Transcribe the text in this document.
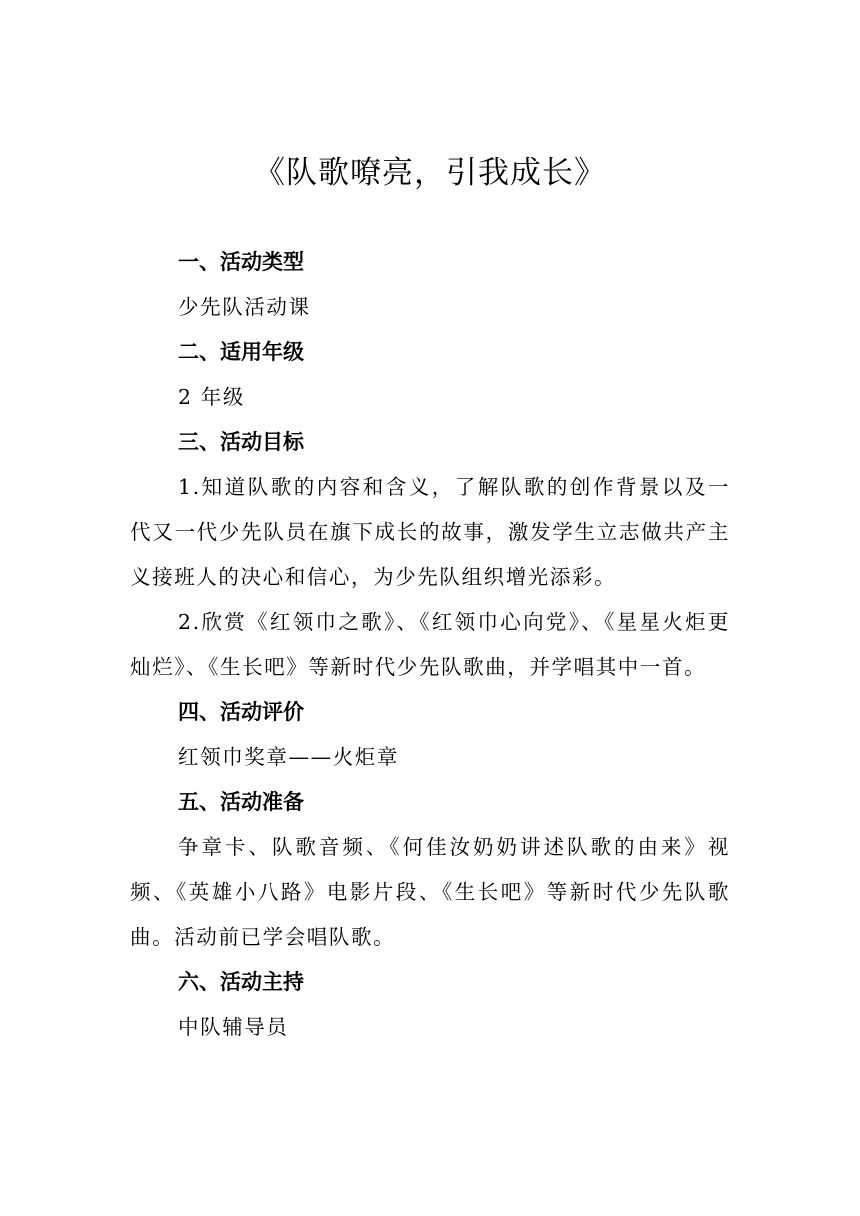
《队歌嘹亮，引我成长》
一、活动类型
少先队活动课
二、适用年级
2 年级
三、活动目标
1.知道队歌的内容和含义，了解队歌的创作背景以及一代又一代少先队员在旗下成长的故事，激发学生立志做共产主义接班人的决心和信心，为少先队组织增光添彩。
2.欣赏《红领巾之歌》、《红领巾心向党》、《星星火炬更灿烂》、《生长吧》等新时代少先队歌曲，并学唱其中一首。
四、活动评价
红领巾奖章——火炬章
五、活动准备
争章卡、队歌音频、《何佳汝奶奶讲述队歌的由来》视频、《英雄小八路》电影片段、《生长吧》等新时代少先队歌曲。活动前已学会唱队歌。
六、活动主持
中队辅导员
